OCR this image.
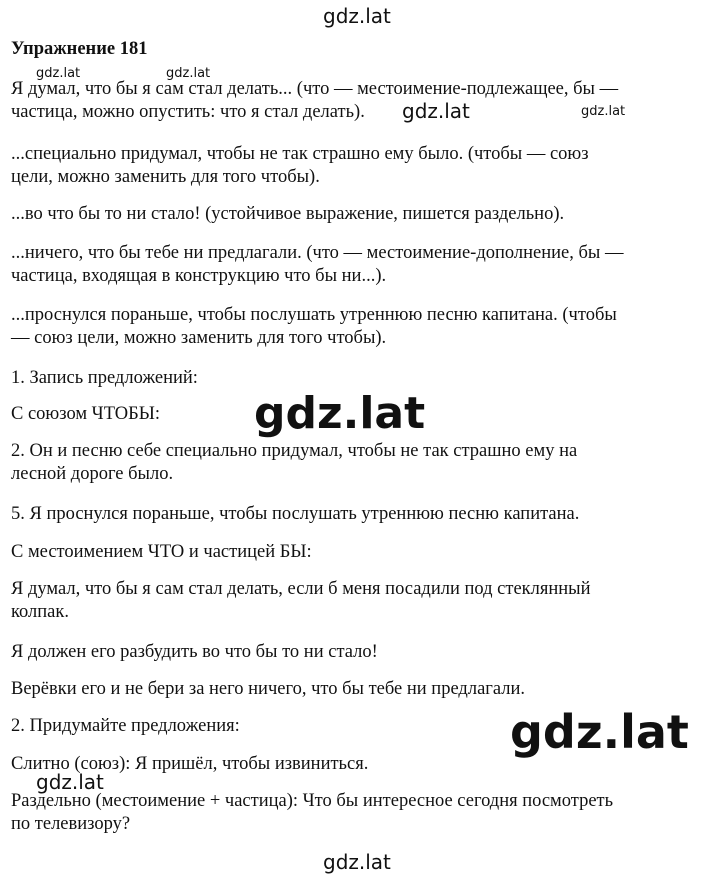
Упражнение 181
Я думал, что бы я сам стал делать... (что — местоимение-подлежащее, бы —
частица, можно опустить: что я стал делать).
...специально придумал, чтобы не так страшно ему было. (чтобы — союз
цели, можно заменить для того чтобы).
...во что бы то ни стало! (устойчивое выражение, пишется раздельно).
...ничего, что бы тебе ни предлагали. (что — местоимение-дополнение, бы —
частица, входящая в конструкцию что бы ни...).
...проснулся пораньше, чтобы послушать утреннюю песню капитана. (чтобы
— союз цели, можно заменить для того чтобы).
1. Запись предложений:
С союзом ЧТОБЫ:
2. Он и песню себе специально придумал, чтобы не так страшно ему на
лесной дороге было.
5. Я проснулся пораньше, чтобы послушать утреннюю песню капитана.
С местоимением ЧТО и частицей БЫ:
Я думал, что бы я сам стал делать, если б меня посадили под стеклянный
колпак.
Я должен его разбудить во что бы то ни стало!
Верёвки его и не бери за него ничего, что бы тебе ни предлагали.
2. Придумайте предложения:
Слитно (союз): Я пришёл, чтобы извиниться.
Раздельно (местоимение + частица): Что бы интересное сегодня посмотреть
по телевизору?
gdz.lat
gdz.lat	gdz.lat
gdz.lat	gdz.lat
gdz.lat
gdz.lat
gdz.lat
gdz.lat
